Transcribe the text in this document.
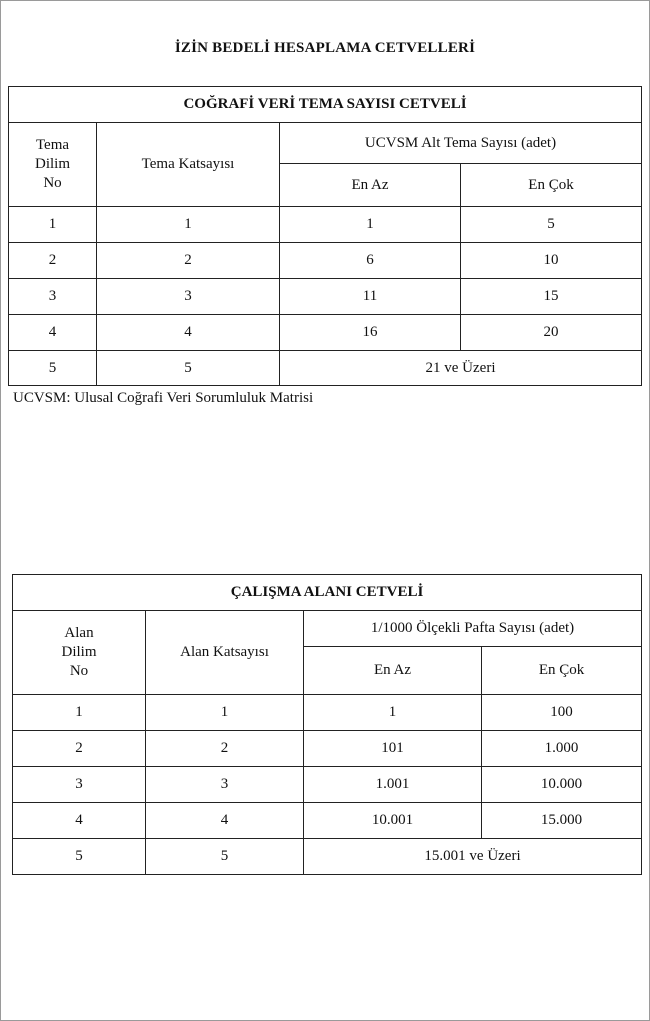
İZİN BEDELİ HESAPLAMA CETVELLERİ
COĞRAFİ VERİ TEMA SAYISI CETVELİ			

Tema
Dilim
No	Tema Katsayısı	UCVSM Alt Tema Sayısı (adet)	
		En Az	En Çok
1	1	1	5
2	2	6	10
3	3	11	15
4	4	16	20
5	5	21 ve Üzeri	
UCVSM: Ulusal Coğrafi Veri Sorumluluk Matrisi
ÇALIŞMA ALANI CETVELİ			

Alan
Dilim
No	Alan Katsayısı	1/1000 Ölçekli Pafta Sayısı (adet)	
		En Az	En Çok
1	1	1	100
2	2	101	1.000
3	3	1.001	10.000
4	4	10.001	15.000
5	5	15.001 ve Üzeri	
